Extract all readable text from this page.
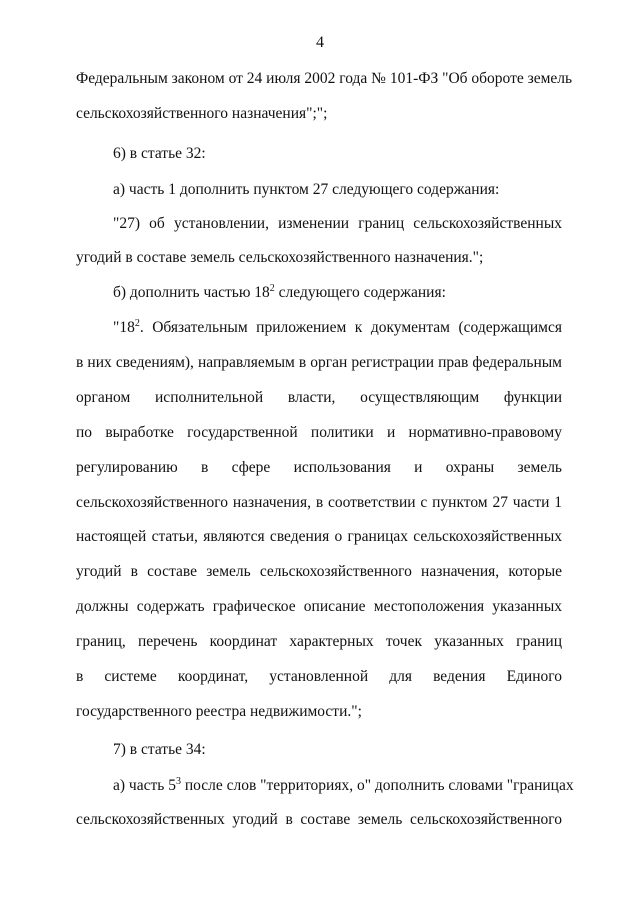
4
Федеральным законом от 24 июля 2002 года № 101-ФЗ "Об обороте земель
сельскохозяйственного назначения";";
6) в статье 32:
а) часть 1 дополнить пунктом 27 следующего содержания:
"27) об установлении, изменении границ сельскохозяйственных
угодий в составе земель сельскохозяйственного назначения.";
б) дополнить частью $18^2$ следующего содержания:
"$18^2$. Обязательным приложением к документам (содержащимся
в них сведениям), направляемым в орган регистрации прав федеральным
органом исполнительной власти, осуществляющим функции
по выработке государственной политики и нормативно-правовому
регулированию в сфере использования и охраны земель
сельскохозяйственного назначения, в соответствии с пунктом 27 части 1
настоящей статьи, являются сведения о границах сельскохозяйственных
угодий в составе земель сельскохозяйственного назначения, которые
должны содержать графическое описание местоположения указанных
границ, перечень координат характерных точек указанных границ
в системе координат, установленной для ведения Единого
государственного реестра недвижимости.";
7) в статье 34:
а) часть $5^3$ после слов "территориях, о" дополнить словами "границах
сельскохозяйственных угодий в составе земель сельскохозяйственного
